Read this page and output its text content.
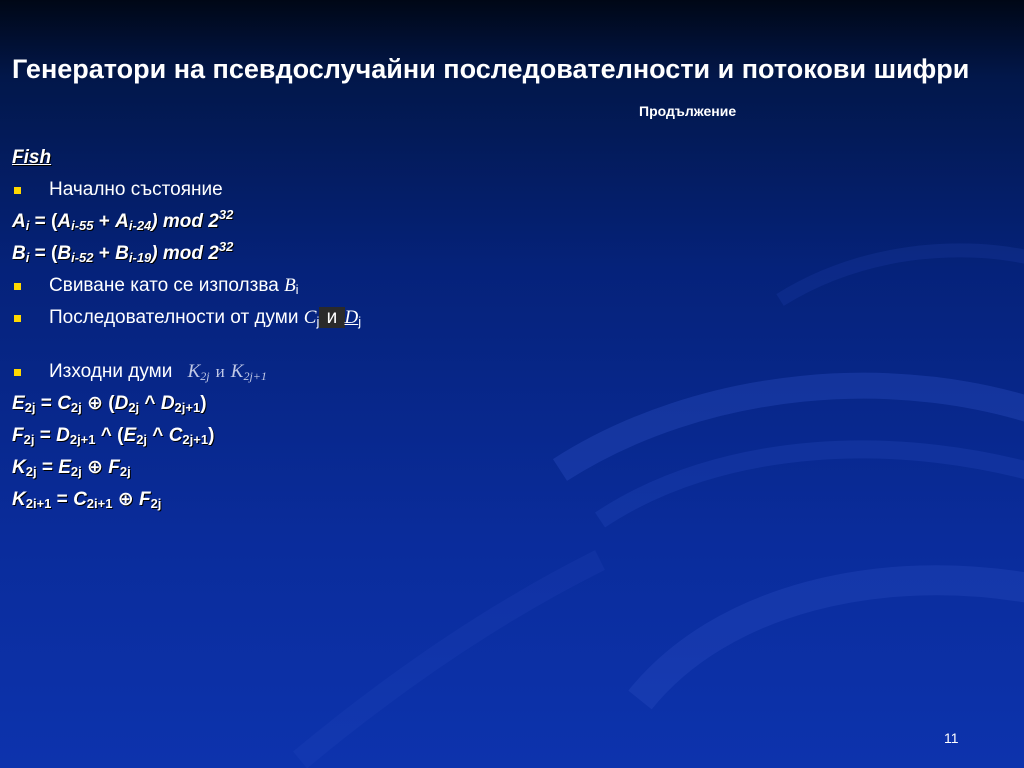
Генератори на псевдослучайни последователности и потокови шифри
Продължение
Fish
Начално състояние
$A_i = (A_{i-55} + A_{i-24})$ mod $2^{32}$
$B_i = (B_{i-52} + B_{i-19})$ mod $2^{32}$
Свиване като се използва $B_i$
Последователности от думи $C_j$ и $D_j$
Изходни думи $K_{2j}$ и $K_{2j+1}$
$E_{2j} = C_{2j}$ ⊕ ($D_{2j}$ ^ $D_{2j+1}$)
$F_{2j} = D_{2j+1}$ ^ ($E_{2j}$ ^ $C_{2j+1}$)
$K_{2j} = E_{2j}$ ⊕ $F_{2j}$
$K_{2i+1} = C_{2i+1}$ ⊕ $F_{2j}$
11
